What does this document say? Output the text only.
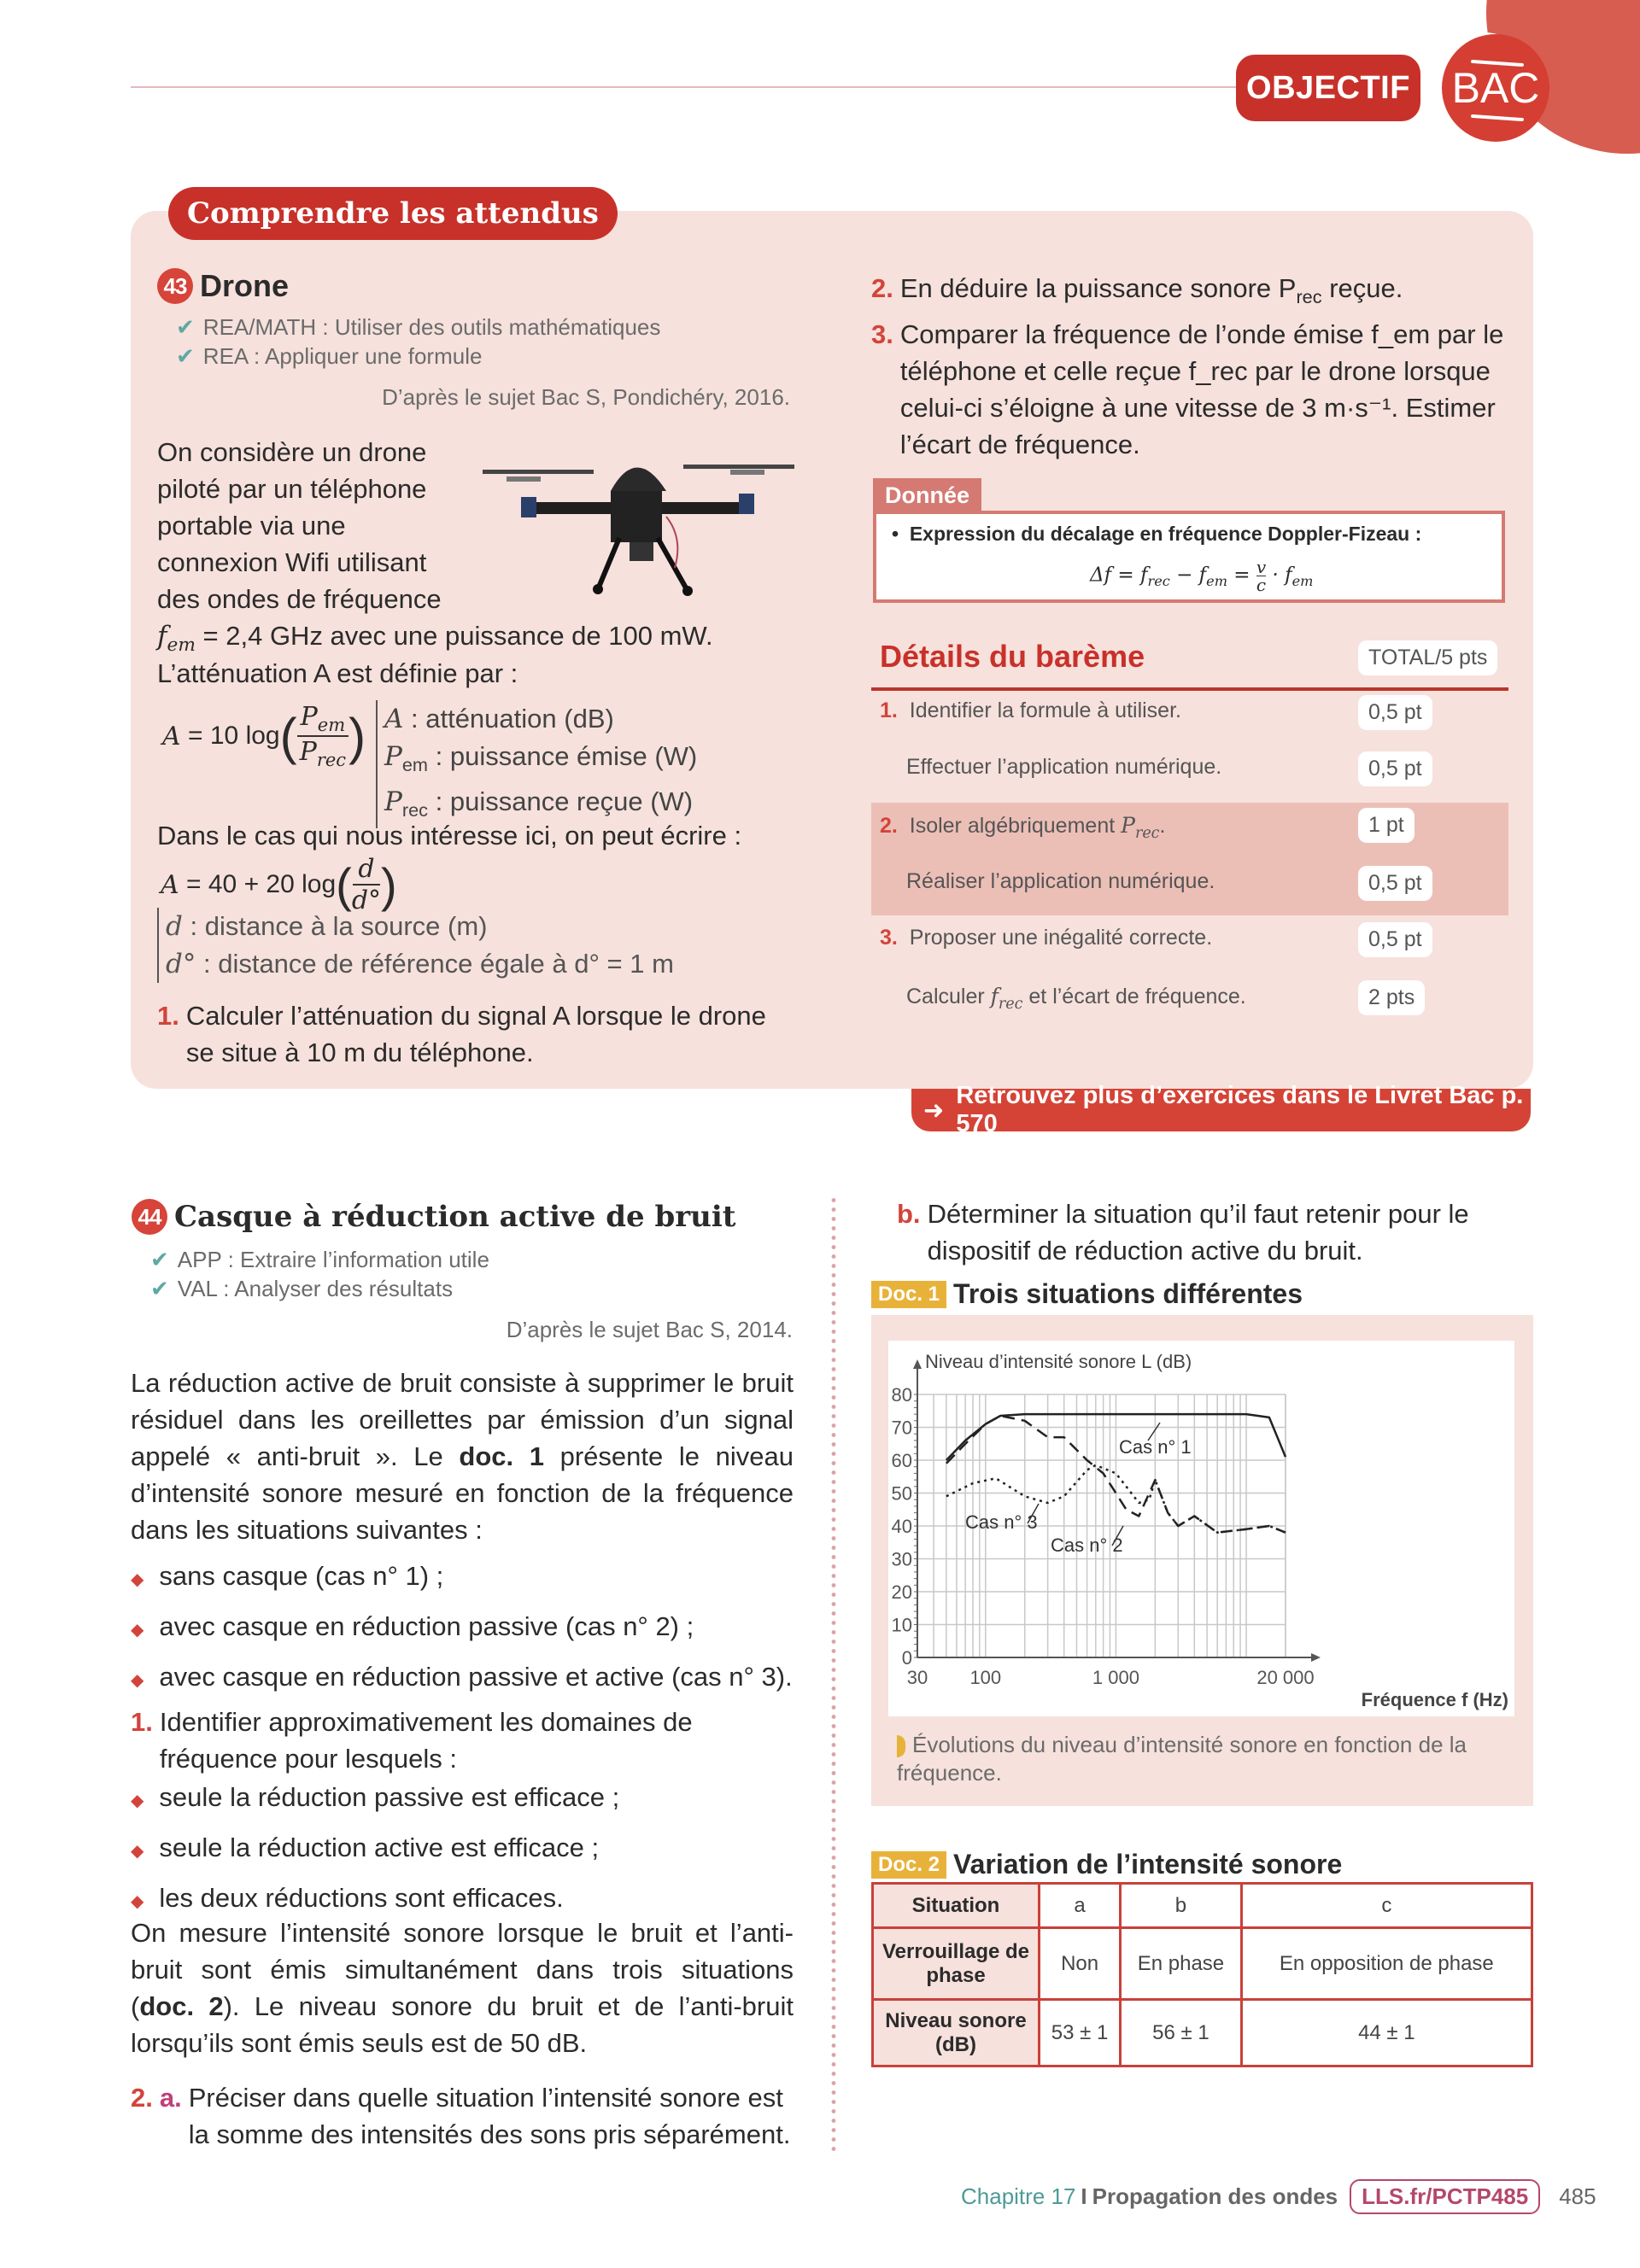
OBJECTIF BAC
Comprendre les attendus
43 Drone
✔ REA/MATH : Utiliser des outils mathématiques
✔ REA : Appliquer une formule
D’après le sujet Bac S, Pondichéry, 2016.
On considère un drone
piloté par un téléphone
portable via une
connexion Wifi utilisant
des ondes de fréquence
$f_{em} = 2,4$ GHz avec une puissance de 100 mW.
L’atténuation A est définie par :
A = 10 log ( $P_{em}$
$P_{rec}$ ) A : atténuation (dB)
$P_{em}$ : puissance émise (W)
$P_{rec}$ : puissance reçue (W)
Dans le cas qui nous intéresse ici, on peut écrire :
A = 40 + 20 log ( d
d° )
d : distance à la source (m)
d° : distance de référence égale à d° = 1 m
1. Calculer l’atténuation du signal A lorsque le drone
se situe à 10 m du téléphone.
2. En déduire la puissance sonore $P_{rec}$ reçue.
3. Comparer la fréquence de l’onde émise f_em par le
téléphone et celle reçue f_rec par le drone lorsque
celui-ci s’éloigne à une vitesse de 3 m·s⁻¹. Estimer
l’écart de fréquence.
Donnée
•  Expression du décalage en fréquence Doppler-Fizeau :
$\Delta f = f_{rec} - f_{em} = \frac{v}{c} \cdot f_{em}$
Détails du barème	TOTAL/5 pts
1. Identifier la formule à utiliser.	0,5 pt
Effectuer l’application numérique.	0,5 pt
2.  Isoler algébriquement $P_{rec}$.	1 pt
Réaliser l’application numérique.	0,5 pt
3. Proposer une inégalité correcte.	0,5 pt
Calculer $f_{rec}$ et l’écart de fréquence.	2 pts
➜
Retrouvez plus d’exercices dans le Livret Bac p. 570
44 Casque à réduction active de bruit
✔ APP : Extraire l’information utile
✔ VAL : Analyser des résultats
D’après le sujet Bac S, 2014.
La réduction active de bruit consiste à supprimer le bruit résiduel dans les oreillettes par émission d’un signal appelé « anti-bruit ». Le doc. 1 présente le niveau d’intensité sonore mesuré en fonction de la fréquence dans les situations suivantes :
◆ sans casque (cas n° 1) ;
◆ avec casque en réduction passive (cas n° 2) ;
◆ avec casque en réduction passive et active (cas n° 3).
1. Identifier approximativement les domaines de fréquence pour lesquels :
◆ seule la réduction passive est efficace ;
◆ seule la réduction active est efficace ;
◆ les deux réductions sont efficaces.
On mesure l’intensité sonore lorsque le bruit et l’anti-bruit sont émis simultanément dans trois situations (doc. 2). Le niveau sonore du bruit et de l’anti-bruit lorsqu’ils sont émis seuls est de 50 dB.
2. a. Préciser dans quelle situation l’intensité sonore est la somme des intensités des sons pris séparément.
b. Déterminer la situation qu’il faut retenir pour le dispositif de réduction active du bruit.
Doc. 1 Trois situations différentes
0
10
20
30
40
50
60
70
80
30 100	1 000	20 000
Niveau d’intensité sonore L (dB)
Fréquence f (Hz)
Cas n° 1
Cas n° 2
Cas n° 3
Évolutions du niveau d’intensité sonore en fonction de la fréquence.
Doc. 2 Variation de l’intensité sonore
Situation	a	b	c
Verrouillage de phase	Non	En phase	En opposition de phase
Niveau sonore (dB)	53 ± 1	56 ± 1	44 ± 1
Chapitre 17 I Propagation des ondes	LLS.fr/PCTP485	485
